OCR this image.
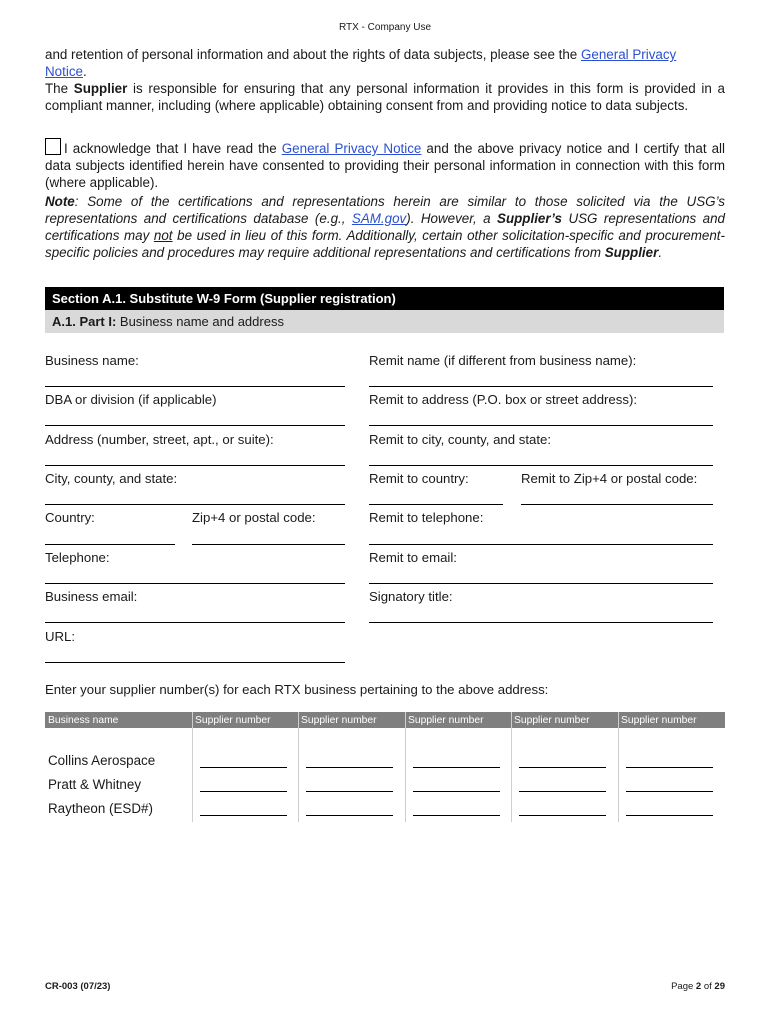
RTX - Company Use
and retention of personal information and about the rights of data subjects, please see the General Privacy
Notice.
The Supplier is responsible for ensuring that any personal information it provides in this form is provided in a compliant manner, including (where applicable) obtaining consent from and providing notice to data subjects.
I acknowledge that I have read the General Privacy Notice and the above privacy notice and I certify that all data subjects identified herein have consented to providing their personal information in connection with this form (where applicable).
Note: Some of the certifications and representations herein are similar to those solicited via the USG’s representations and certifications database (e.g., SAM.gov). However, a Supplier’s USG representations and certifications may not be used in lieu of this form. Additionally, certain other solicitation-specific and procurement-specific policies and procedures may require additional representations and certifications from Supplier.
Section A.1. Substitute W-9 Form (Supplier registration)
A.1. Part I: Business name and address
Business name:
DBA or division (if applicable)
Address (number, street, apt., or suite):
City, county, and state:
Country:	Zip+4 or postal code:
Telephone:
Business email:
URL:
Remit name (if different from business name):
Remit to address (P.O. box or street address):
Remit to city, county, and state:
Remit to country:	Remit to Zip+4 or postal code:
Remit to telephone:
Remit to email:
Signatory title:
Enter your supplier number(s) for each RTX business pertaining to the above address:
Business name	Supplier number	Supplier number	Supplier number	Supplier number	Supplier number
Collins Aerospace
Pratt & Whitney
Raytheon (ESD#)
CR-003 (07/23)	Page 2 of 29
